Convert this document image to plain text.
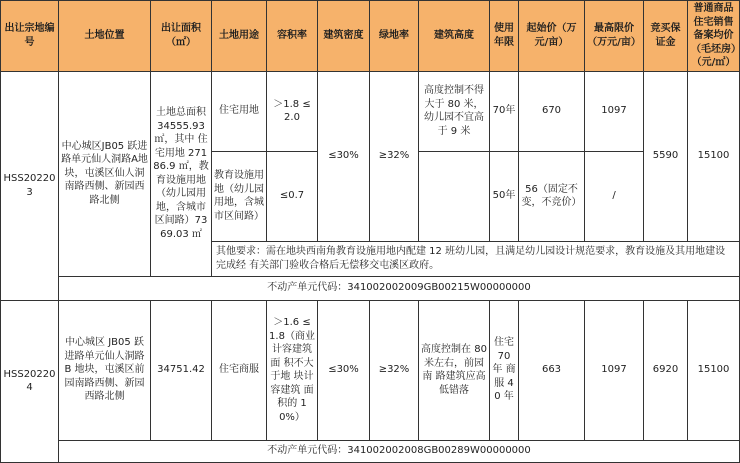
出让宗地编号	土地位置	出让面积（㎡）	土地用途	容积率	建筑密度	绿地率	建筑高度	使用年限	起始价（万元/亩）	最高限价（万元/亩）	竞买保证金	普通商品住宅销售备案均价（毛坯房）（元/㎡）
HSS202203	中心城区JB05 跃进路单元仙人洞路A地块，屯溪区仙人洞南路西侧、新园西路北侧	土地总面积 34555.93 ㎡，其中 住宅用地 27186.9 ㎡，教育设施用地（幼儿园用地，含城市区间路）7369.03 ㎡	住宅用地	＞1.8 ≤2.0	≤30%	≥32%	高度控制不得大于 80 米，幼儿园不宜高于 9 米	70年	670	1097	5590	15100
			教育设施用地（幼儿园用地，含城市区间路）	≤0.7				50年	56（固定不变，不竞价）	/		
			其他要求：需在地块西南角教育设施用地内配建 12 班幼儿园，且满足幼儿园设计规范要求，教育设施及其用地建设完成经 有关部门验收合格后无偿移交屯溪区政府。									
	不动产单元代码：341002002009GB00215W00000000											
HSS202204	中心城区 JB05 跃进路单元仙人洞路 B 地块，屯溪区前园南路西侧、新园西路北侧	34751.42	住宅商服	＞1.6 ≤ 1.8（商业计容建筑面 积不大于地 块计容建筑 面积的 10%）	≤30%	≥32%	高度控制在 80 米左右，前园南 路建筑应高低错落	住宅 70 年 商服 40 年	663	1097	6920	15100
	不动产单元代码：341002002008GB00289W00000000											
